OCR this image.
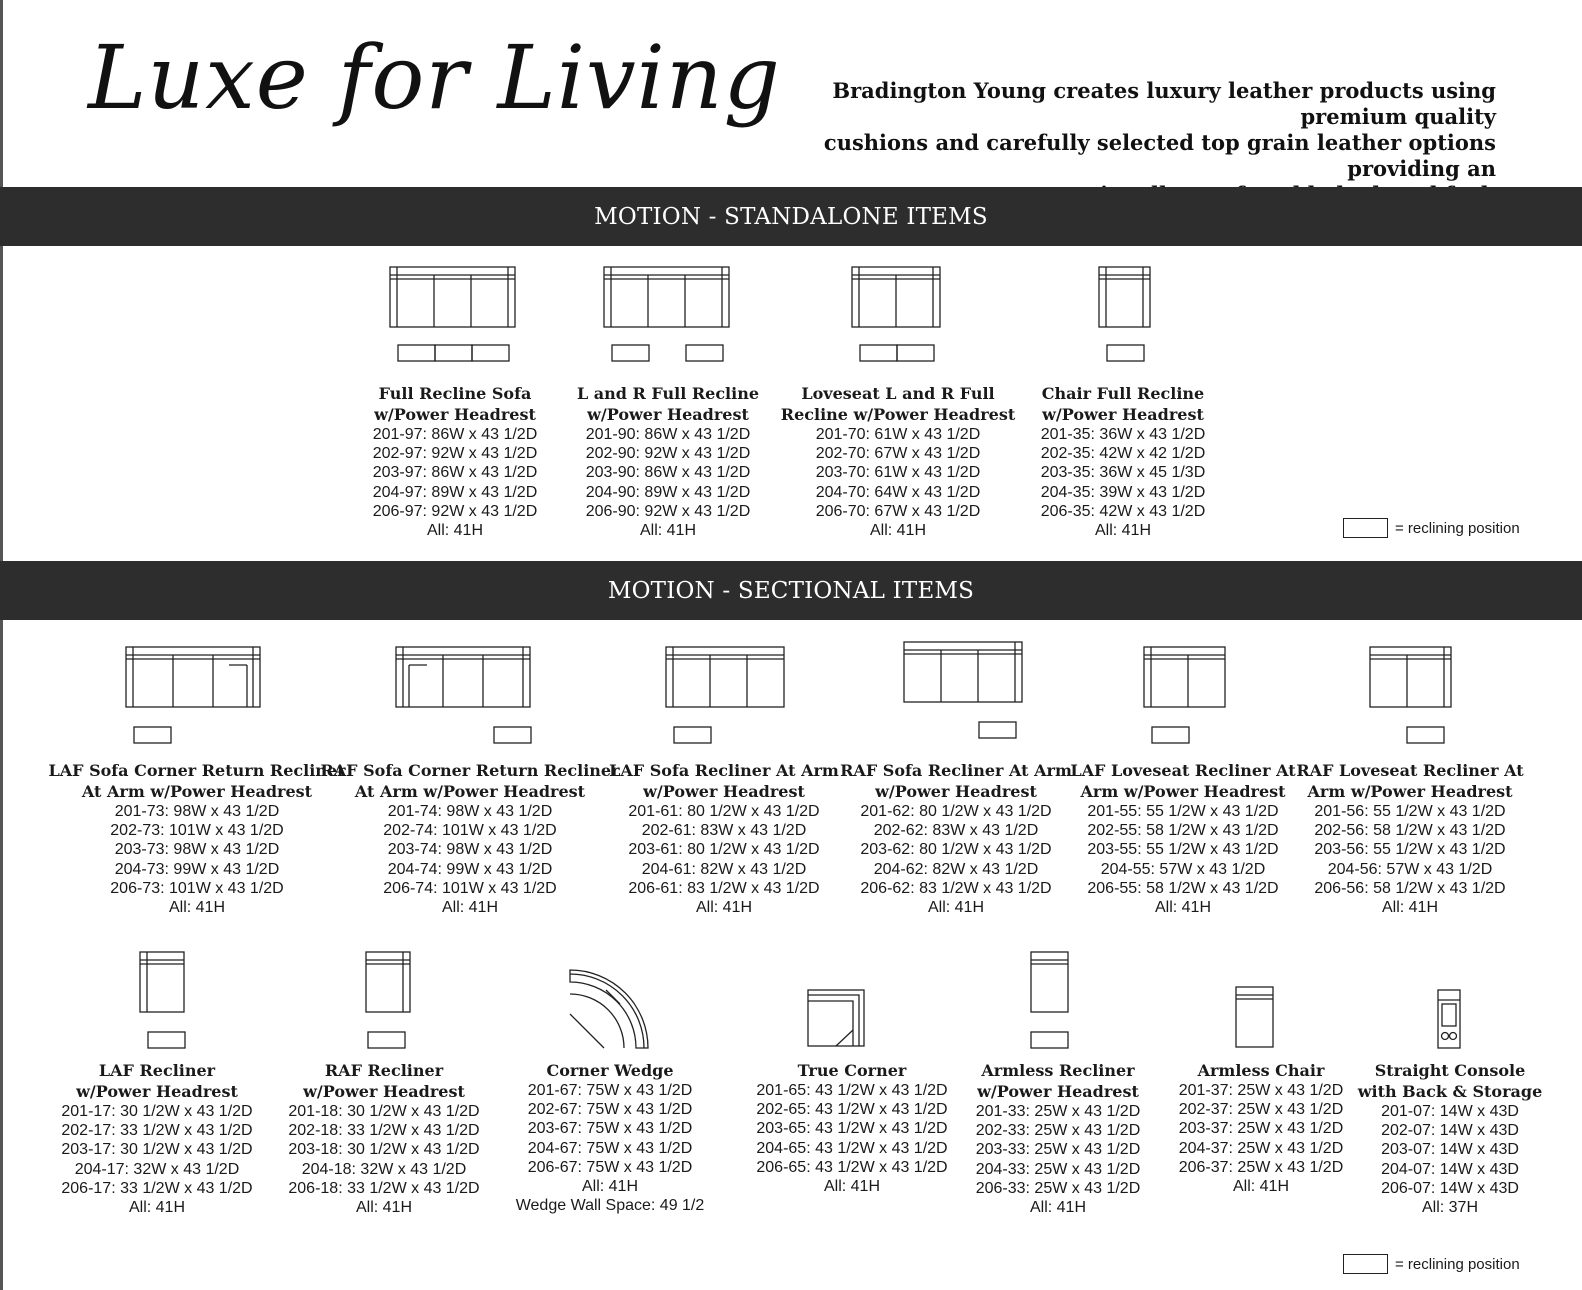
Luxe for Living	Bradington Young creates luxury leather products using premium quality
cushions and carefully selected top grain leather options providing an
MOTION - STANDALONE ITEMS
MOTION - SECTIONAL ITEMS
Full Recline Sofa
w/Power Headrest
201-97: 86W x 43 1/2D
202-97: 92W x 43 1/2D
203-97: 86W x 43 1/2D
204-97: 89W x 43 1/2D
206-97: 92W x 43 1/2D
All: 41H
L and R Full Recline
w/Power Headrest
201-90: 86W x 43 1/2D
202-90: 92W x 43 1/2D
203-90: 86W x 43 1/2D
204-90: 89W x 43 1/2D
206-90: 92W x 43 1/2D
All: 41H
Loveseat L and R Full
Recline w/Power Headrest
201-70: 61W x 43 1/2D
202-70: 67W x 43 1/2D
203-70: 61W x 43 1/2D
204-70: 64W x 43 1/2D
206-70: 67W x 43 1/2D
All: 41H
Chair Full Recline
w/Power Headrest
201-35: 36W x 43 1/2D
202-35: 42W x 42 1/2D
203-35: 36W x 45 1/3D
204-35: 39W x 43 1/2D
206-35: 42W x 43 1/2D
All: 41H
LAF Sofa Corner Return Recliner
At Arm w/Power Headrest
201-73: 98W x 43 1/2D
202-73: 101W x 43 1/2D
203-73: 98W x 43 1/2D
204-73: 99W x 43 1/2D
206-73: 101W x 43 1/2D
All: 41H
RAF Sofa Corner Return Recliner
At Arm w/Power Headrest
201-74: 98W x 43 1/2D
202-74: 101W x 43 1/2D
203-74: 98W x 43 1/2D
204-74: 99W x 43 1/2D
206-74: 101W x 43 1/2D
All: 41H
LAF Sofa Recliner At Arm
w/Power Headrest
201-61: 80 1/2W x 43 1/2D
202-61: 83W x 43 1/2D
203-61: 80 1/2W x 43 1/2D
204-61: 82W x 43 1/2D
206-61: 83 1/2W x 43 1/2D
All: 41H
RAF Sofa Recliner At Arm
w/Power Headrest
201-62: 80 1/2W x 43 1/2D
202-62: 83W x 43 1/2D
203-62: 80 1/2W x 43 1/2D
204-62: 82W x 43 1/2D
206-62: 83 1/2W x 43 1/2D
All: 41H
LAF Loveseat Recliner At
Arm w/Power Headrest
201-55: 55 1/2W x 43 1/2D
202-55: 58 1/2W x 43 1/2D
203-55: 55 1/2W x 43 1/2D
204-55: 57W x 43 1/2D
206-55: 58 1/2W x 43 1/2D
All: 41H
RAF Loveseat Recliner At
Arm w/Power Headrest
201-56: 55 1/2W x 43 1/2D
202-56: 58 1/2W x 43 1/2D
203-56: 55 1/2W x 43 1/2D
204-56: 57W x 43 1/2D
206-56: 58 1/2W x 43 1/2D
All: 41H
LAF Recliner
w/Power Headrest
201-17: 30 1/2W x 43 1/2D
202-17: 33 1/2W x 43 1/2D
203-17: 30 1/2W x 43 1/2D
204-17: 32W x 43 1/2D
206-17: 33 1/2W x 43 1/2D
All: 41H
RAF Recliner
w/Power Headrest
201-18: 30 1/2W x 43 1/2D
202-18: 33 1/2W x 43 1/2D
203-18: 30 1/2W x 43 1/2D
204-18: 32W x 43 1/2D
206-18: 33 1/2W x 43 1/2D
All: 41H
Corner Wedge
201-67: 75W x 43 1/2D
202-67: 75W x 43 1/2D
203-67: 75W x 43 1/2D
204-67: 75W x 43 1/2D
206-67: 75W x 43 1/2D
All: 41H
Wedge Wall Space: 49 1/2
True Corner
201-65: 43 1/2W x 43 1/2D
202-65: 43 1/2W x 43 1/2D
203-65: 43 1/2W x 43 1/2D
204-65: 43 1/2W x 43 1/2D
206-65: 43 1/2W x 43 1/2D
All: 41H
Armless Recliner
w/Power Headrest
201-33: 25W x 43 1/2D
202-33: 25W x 43 1/2D
203-33: 25W x 43 1/2D
204-33: 25W x 43 1/2D
206-33: 25W x 43 1/2D
All: 41H
Armless Chair
201-37: 25W x 43 1/2D
202-37: 25W x 43 1/2D
203-37: 25W x 43 1/2D
204-37: 25W x 43 1/2D
206-37: 25W x 43 1/2D
All: 41H
Straight Console
with Back & Storage
201-07: 14W x 43D
202-07: 14W x 43D
203-07: 14W x 43D
204-07: 14W x 43D
206-07: 14W x 43D
All: 37H
= reclining position
= reclining position
